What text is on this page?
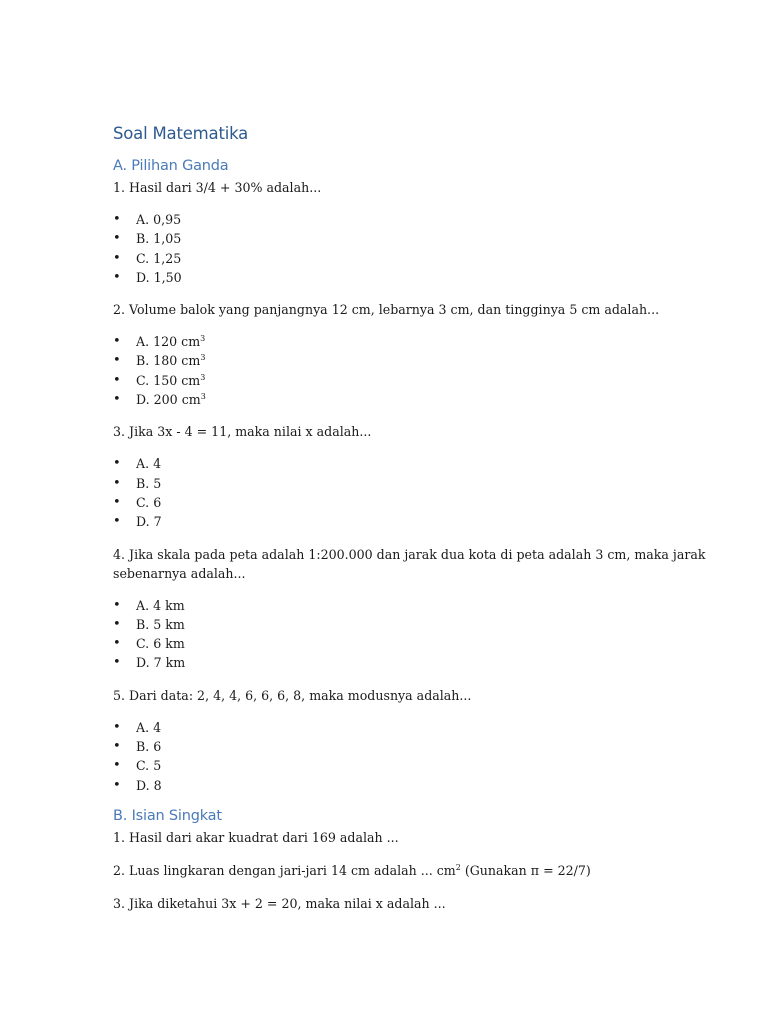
Soal Matematika
A. Pilihan Ganda

1. Hasil dari 3/4 + 30% adalah...

• A. 0,95
• B. 1,05
• C. 1,25
• D. 1,50

2. Volume balok yang panjangnya 12 cm, lebarnya 3 cm, dan tingginya 5 cm adalah...

• A. 120 $cm^3$
• B. 180 $cm^3$
• C. 150 $cm^3$
• D. 200 $cm^3$

3. Jika 3x - 4 = 11, maka nilai x adalah...

• A. 4
• B. 5
• C. 6
• D. 7

4. Jika skala pada peta adalah 1:200.000 dan jarak dua kota di peta adalah 3 cm, maka jarak sebenarnya adalah...

• A. 4 km
• B. 5 km
• C. 6 km
• D. 7 km

5. Dari data: 2, 4, 4, 6, 6, 6, 8, maka modusnya adalah...

• A. 4
• B. 6
• C. 5
• D. 8
B. Isian Singkat

1. Hasil dari akar kuadrat dari 169 adalah ...

2. Luas lingkaran dengan jari-jari 14 cm adalah ... $cm^2$ (Gunakan π = 22/7)

3. Jika diketahui 3x + 2 = 20, maka nilai x adalah ...
